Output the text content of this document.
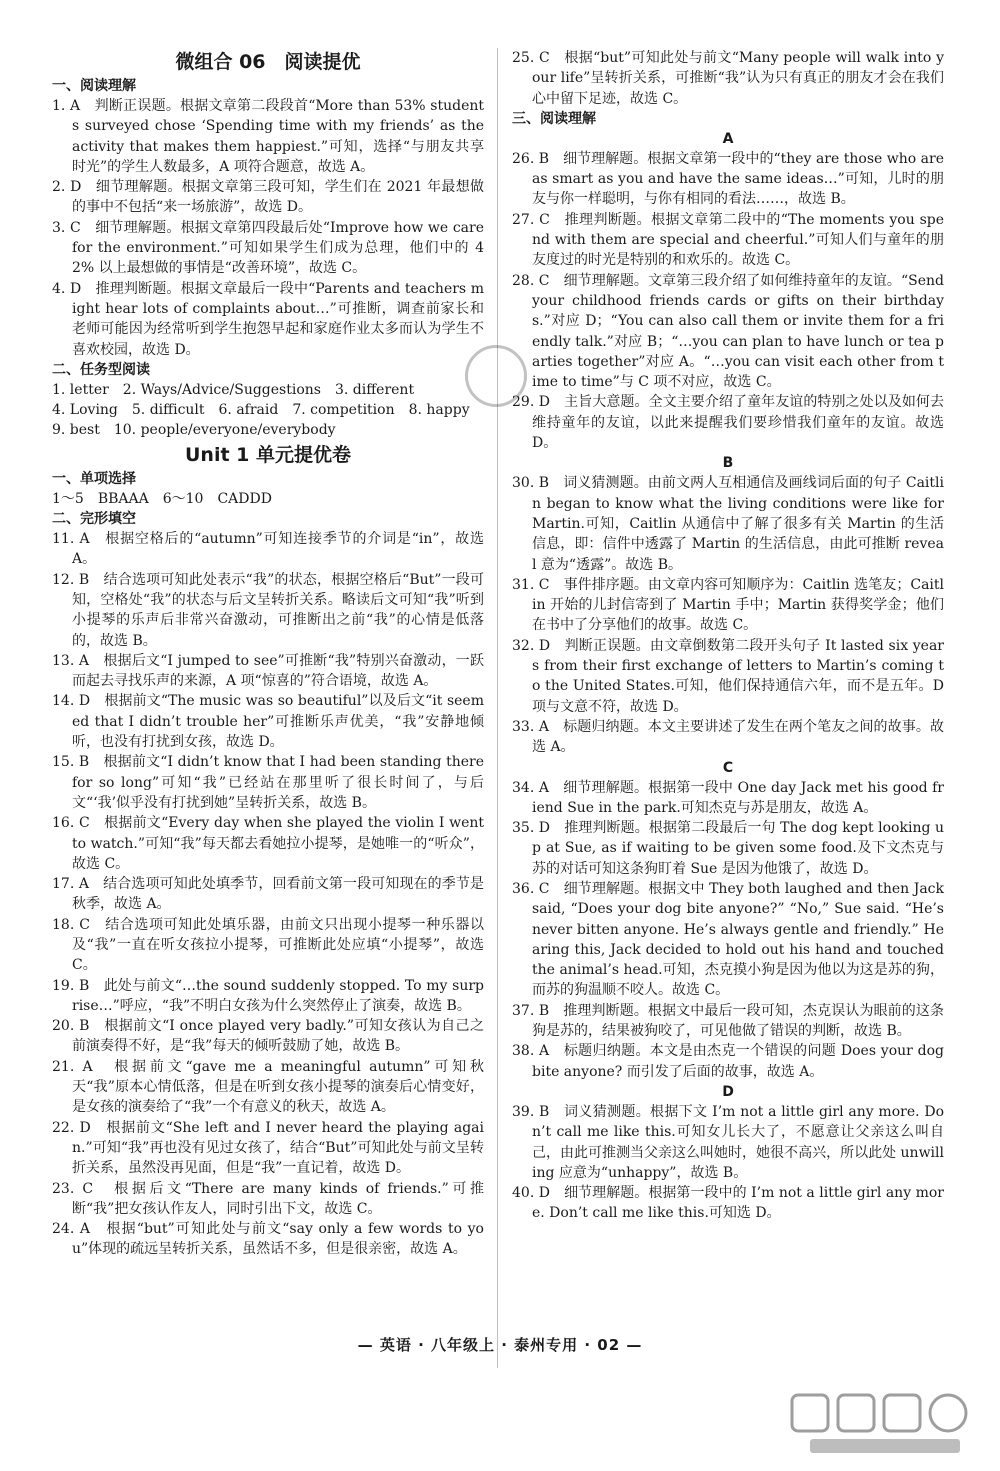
微组合 06　阅读提优
一、阅读理解
1. A　判断正误题。根据文章第二段段首“More than 53% students surveyed chose ‘Spending time with my friends’ as the activity that makes them happiest.”可知，选择“与朋友共享时光”的学生人数最多，A 项符合题意，故选 A。
2. D　细节理解题。根据文章第三段可知，学生们在 2021 年最想做的事中不包括“来一场旅游”，故选 D。
3. C　细节理解题。根据文章第四段最后处“Improve how we care for the environment.”可知如果学生们成为总理，他们中的 42% 以上最想做的事情是“改善环境”，故选 C。
4. D　推理判断题。根据文章最后一段中“Parents and teachers might hear lots of complaints about…”可推断，调查前家长和老师可能因为经常听到学生抱怨早起和家庭作业太多而认为学生不喜欢校园，故选 D。
二、任务型阅读
1. letter　2. Ways/Advice/Suggestions　3. different
4. Loving　5. difficult　6. afraid　7. competition　8. happy
9. best　10. people/everyone/everybody
Unit 1 单元提优卷
一、单项选择
1～5　BBAAA　6～10　CADDD
二、完形填空
11. A　根据空格后的“autumn”可知连接季节的介词是“in”，故选 A。
12. B　结合选项可知此处表示“我”的状态，根据空格后“But”一段可知，空格处“我”的状态与后文呈转折关系。略读后文可知“我”听到小提琴的乐声后非常兴奋激动，可推断出之前“我”的心情是低落的，故选 B。
13. A　根据后文“I jumped to see”可推断“我”特别兴奋激动，一跃而起去寻找乐声的来源，A 项“惊喜的”符合语境，故选 A。
14. D　根据前文“The music was so beautiful”以及后文“it seemed that I didn’t trouble her”可推断乐声优美，“我”安静地倾听，也没有打扰到女孩，故选 D。
15. B　根据前文“I didn’t know that I had been standing there for so long”可知“我”已经站在那里听了很长时间了，与后文“‘我’似乎没有打扰到她”呈转折关系，故选 B。
16. C　根据前文“Every day when she played the violin I went to watch.”可知“我”每天都去看她拉小提琴，是她唯一的“听众”，故选 C。
17. A　结合选项可知此处填季节，回看前文第一段可知现在的季节是秋季，故选 A。
18. C　结合选项可知此处填乐器，由前文只出现小提琴一种乐器以及“我”一直在听女孩拉小提琴，可推断此处应填“小提琴”，故选 C。
19. B　此处与前文“…the sound suddenly stopped. To my surprise…”呼应，“我”不明白女孩为什么突然停止了演奏，故选 B。
20. B　根据前文“I once played very badly.”可知女孩认为自己之前演奏得不好，是“我”每天的倾听鼓励了她，故选 B。
21. A　根据前文“gave me a meaningful autumn”可知秋天“我”原本心情低落，但是在听到女孩小提琴的演奏后心情变好，是女孩的演奏给了“我”一个有意义的秋天，故选 A。
22. D　根据前文“She left and I never heard the playing again.”可知“我”再也没有见过女孩了，结合“But”可知此处与前文呈转折关系，虽然没再见面，但是“我”一直记着，故选 D。
23. C　根据后文“There are many kinds of friends.”可推断“我”把女孩认作友人，同时引出下文，故选 C。
24. A　根据“but”可知此处与前文“say only a few words to you”体现的疏远呈转折关系，虽然话不多，但是很亲密，故选 A。
25. C　根据“but”可知此处与前文“Many people will walk into your life”呈转折关系，可推断“我”认为只有真正的朋友才会在我们心中留下足迹，故选 C。
三、阅读理解
A
26. B　细节理解题。根据文章第一段中的“they are those who are as smart as you and have the same ideas…”可知，儿时的朋友与你一样聪明，与你有相同的看法……，故选 B。
27. C　推理判断题。根据文章第二段中的“The moments you spend with them are special and cheerful.”可知人们与童年的朋友度过的时光是特别的和欢乐的。故选 C。
28. C　细节理解题。文章第三段介绍了如何维持童年的友谊。“Send your childhood friends cards or gifts on their birthdays.”对应 D；“You can also call them or invite them for a friendly talk.”对应 B；“…you can plan to have lunch or tea parties together”对应 A。“…you can visit each other from time to time”与 C 项不对应，故选 C。
29. D　主旨大意题。全文主要介绍了童年友谊的特别之处以及如何去维持童年的友谊，以此来提醒我们要珍惜我们童年的友谊。故选 D。
B
30. B　词义猜测题。由前文两人互相通信及画线词后面的句子 Caitlin began to know what the living conditions were like for Martin.可知，Caitlin 从通信中了解了很多有关 Martin 的生活信息，即：信件中透露了 Martin 的生活信息，由此可推断 reveal 意为“透露”。故选 B。
31. C　事件排序题。由文章内容可知顺序为：Caitlin 选笔友；Caitlin 开始的儿封信寄到了 Martin 手中；Martin 获得奖学金；他们在书中了分享他们的故事。故选 C。
32. D　判断正误题。由文章倒数第二段开头句子 It lasted six years from their first exchange of letters to Martin’s coming to the United States.可知，他们保持通信六年，而不是五年。D 项与文意不符，故选 D。
33. A　标题归纳题。本文主要讲述了发生在两个笔友之间的故事。故选 A。
C
34. A　细节理解题。根据第一段中 One day Jack met his good friend Sue in the park.可知杰克与苏是朋友，故选 A。
35. D　推理判断题。根据第二段最后一句 The dog kept looking up at Sue, as if waiting to be given some food.及下文杰克与苏的对话可知这条狗盯着 Sue 是因为他饿了，故选 D。
36. C　细节理解题。根据文中 They both laughed and then Jack said, “Does your dog bite anyone?” “No,” Sue said. “He’s never bitten anyone. He’s always gentle and friendly.” Hearing this, Jack decided to hold out his hand and touched the animal’s head.可知，杰克摸小狗是因为他以为这是苏的狗，而苏的狗温顺不咬人。故选 C。
37. B　推理判断题。根据文中最后一段可知，杰克误认为眼前的这条狗是苏的，结果被狗咬了，可见他做了错误的判断，故选 B。
38. A　标题归纳题。本文是由杰克一个错误的问题 Does your dog bite anyone? 而引发了后面的故事，故选 A。
D
39. B　词义猜测题。根据下文 I’m not a little girl any more. Don’t call me like this.可知女儿长大了，不愿意让父亲这么叫自己，由此可推测当父亲这么叫她时，她很不高兴，所以此处 unwilling 应意为“unhappy”，故选 B。
40. D　细节理解题。根据第一段中的 I’m not a little girl any more. Don’t call me like this.可知选 D。
— 英语 · 八年级上 · 泰州专用 · 02 —
